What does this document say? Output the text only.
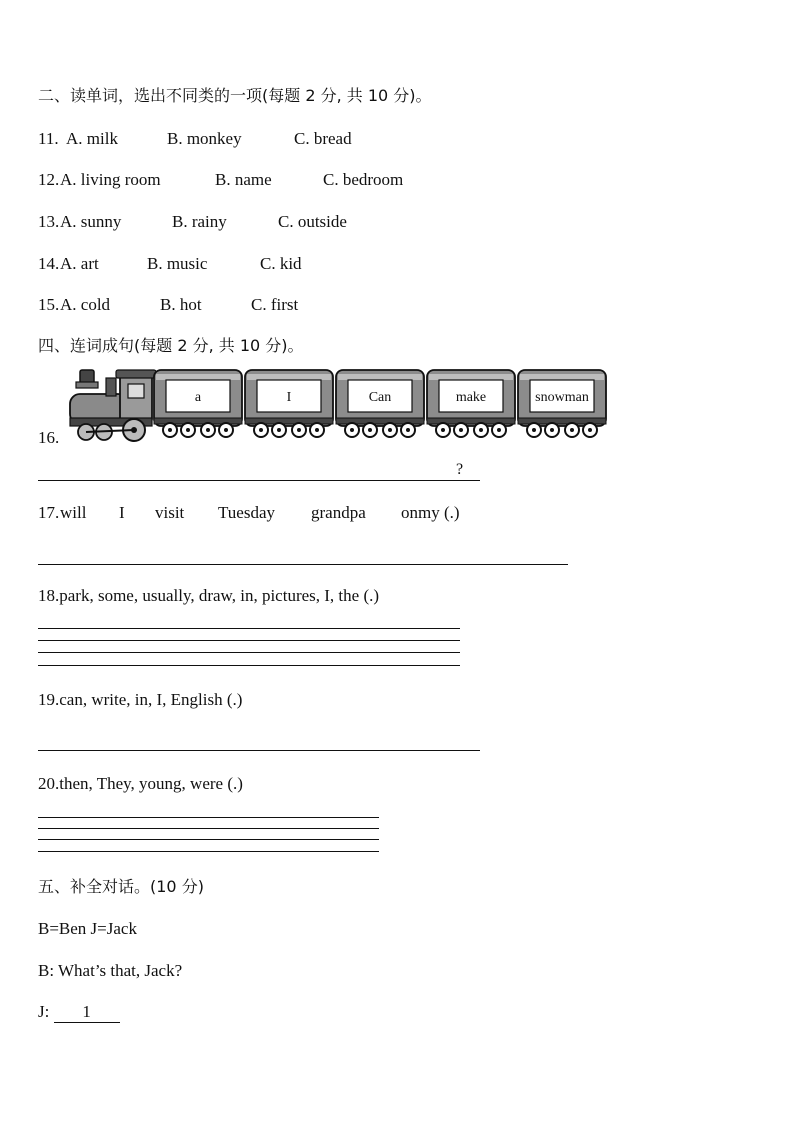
二、读单词，选出不同类的一项(每题 2 分, 共 10 分)。
11. A. milk	B. monkey	C. bread
12. A. living room	B. name	C. bedroom
13. A. sunny	B. rainy	C. outside
14. A. art	B. music	C. kid
15. A. cold	B. hot	C. first
四、连词成句(每题 2 分, 共 10 分)。
16.
a	I	Can	make	snowman
?
17. will I visit Tuesday grandpa onmy (.)
18.park, some, usually, draw, in, pictures, I, the (.)
19.can, write, in, I, English (.)
20.then, They, young, were (.)
五、补全对话。(10 分)
B=Ben J=Jack
B: What’s that, Jack?
J: 1
